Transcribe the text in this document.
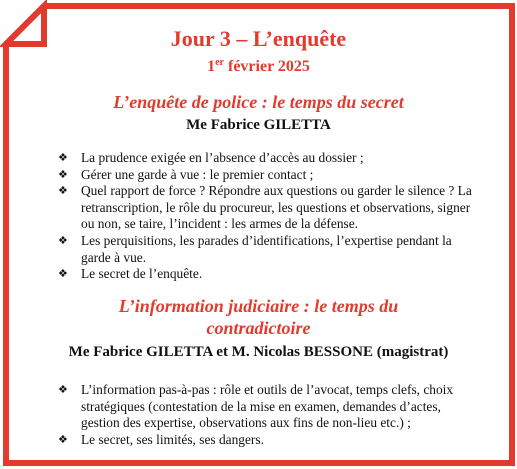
Jour 3 – L’enquête
1er février 2025
L’enquête de police : le temps du secret
Me Fabrice GILETTA
❖ La prudence exigée en l’absence d’accès au dossier ;
❖ Gérer une garde à vue : le premier contact ;
❖ Quel rapport de force ? Répondre aux questions ou garder le silence ? La retranscription, le rôle du procureur, les questions et observations, signer ou non, se taire, l’incident : les armes de la défense.
❖ Les perquisitions, les parades d’identifications, l’expertise pendant la garde à vue.
❖ Le secret de l’enquête.
L’information judiciaire : le temps du
contradictoire
Me Fabrice GILETTA et M. Nicolas BESSONE (magistrat)
❖ L’information pas-à-pas : rôle et outils de l’avocat, temps clefs, choix stratégiques (contestation de la mise en examen, demandes d’actes, gestion des expertise, observations aux fins de non-lieu etc.) ;
❖ Le secret, ses limités, ses dangers.
